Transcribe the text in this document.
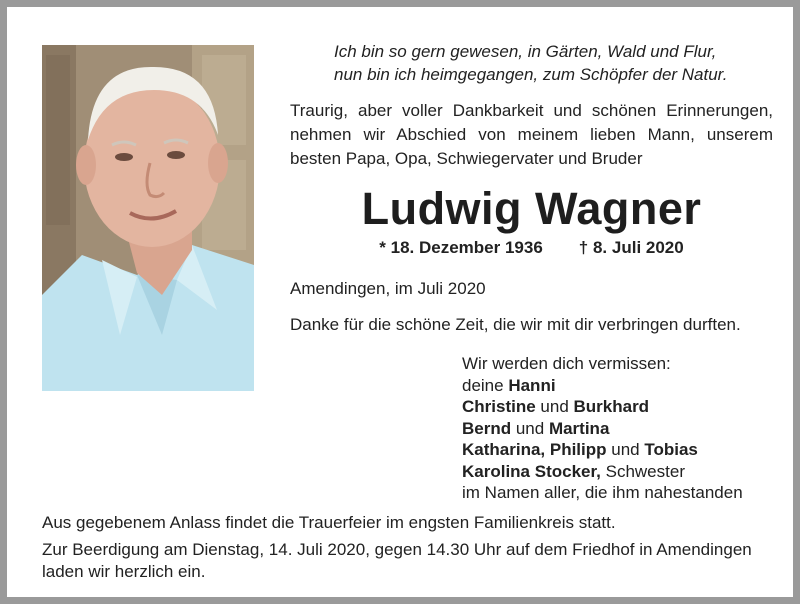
Ich bin so gern gewesen, in Gärten, Wald und Flur,
nun bin ich heimgegangen, zum Schöpfer der Natur.
Traurig, aber voller Dankbarkeit und schönen Erinnerungen, nehmen wir Abschied von meinem lieben Mann, unserem besten Papa, Opa, Schwiegervater und Bruder
Ludwig Wagner
* 18. Dezember 1936 † 8. Juli 2020
Amendingen, im Juli 2020
Danke für die schöne Zeit, die wir mit dir verbringen durften.
Wir werden dich vermissen:
deine Hanni
Christine und Burkhard
Bernd und Martina
Katharina, Philipp und Tobias
Karolina Stocker, Schwester
im Namen aller, die ihm nahestanden
Aus gegebenem Anlass findet die Trauerfeier im engsten Familienkreis statt.
Zur Beerdigung am Dienstag, 14. Juli 2020, gegen 14.30 Uhr auf dem Friedhof in Amendingen laden wir herzlich ein.
